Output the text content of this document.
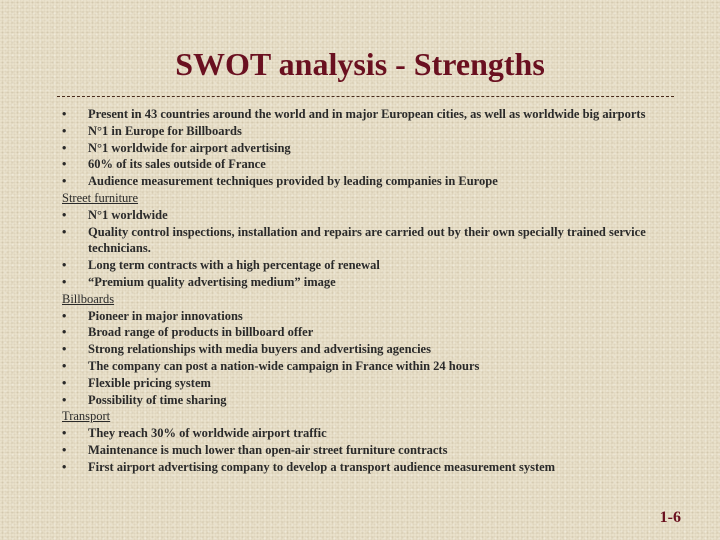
SWOT analysis - Strengths
•	Present in 43 countries around the world and in major European cities, as well as worldwide big airports
•	N°1 in Europe for Billboards
•	N°1 worldwide for airport advertising
•	60% of its sales outside of France
•	Audience measurement techniques provided by leading companies in Europe
Street furniture
•	N°1 worldwide
•	Quality control inspections, installation and repairs are carried out by their own specially trained service technicians.
•	Long term contracts with a high percentage of renewal
•	“Premium quality advertising medium” image
Billboards
•	Pioneer in major innovations
•	Broad range of products in billboard offer
•	Strong relationships with media buyers and advertising agencies
•	The company can post a nation-wide campaign in France within 24 hours
•	Flexible pricing system
•	Possibility of time sharing
Transport
•	They reach 30% of worldwide airport traffic
•	Maintenance is much lower than open-air street furniture contracts
•	First airport advertising company to develop a transport audience measurement system
1-6
